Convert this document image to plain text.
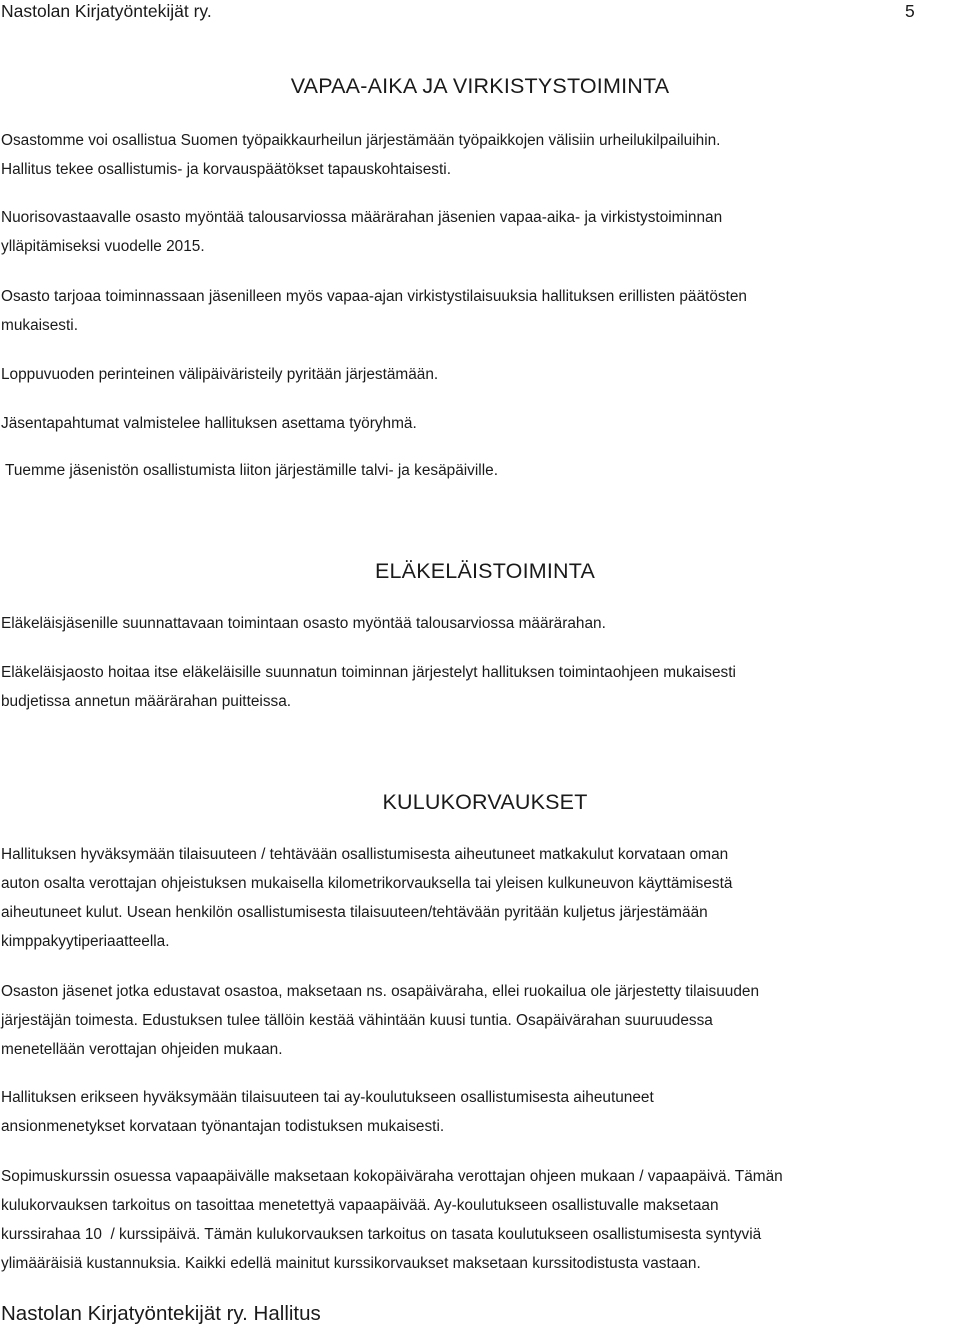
Nastolan Kirjatyöntekijät ry.	5
VAPAA-AIKA JA VIRKISTYSTOIMINTA
Osastomme voi osallistua Suomen työpaikkaurheilun järjestämään työpaikkojen välisiin urheilukilpailuihin.
Hallitus tekee osallistumis- ja korvauspäätökset tapauskohtaisesti.
Nuorisovastaavalle osasto myöntää talousarviossa määrärahan jäsenien vapaa-aika- ja virkistystoiminnan
ylläpitämiseksi vuodelle 2015.
Osasto tarjoaa toiminnassaan jäsenilleen myös vapaa-ajan virkistystilaisuuksia hallituksen erillisten päätösten
mukaisesti.
Loppuvuoden perinteinen välipäiväristeily pyritään järjestämään.
Jäsentapahtumat valmistelee hallituksen asettama työryhmä.
Tuemme jäsenistön osallistumista liiton järjestämille talvi- ja kesäpäiville.
ELÄKELÄISTOIMINTA
Eläkeläisjäsenille suunnattavaan toimintaan osasto myöntää talousarviossa määrärahan.
Eläkeläisjaosto hoitaa itse eläkeläisille suunnatun toiminnan järjestelyt hallituksen toimintaohjeen mukaisesti
budjetissa annetun määrärahan puitteissa.
KULUKORVAUKSET
Hallituksen hyväksymään tilaisuuteen / tehtävään osallistumisesta aiheutuneet matkakulut korvataan oman
auton osalta verottajan ohjeistuksen mukaisella kilometrikorvauksella tai yleisen kulkuneuvon käyttämisestä
aiheutuneet kulut. Usean henkilön osallistumisesta tilaisuuteen/tehtävään pyritään kuljetus järjestämään
kimppakyytiperiaatteella.
Osaston jäsenet jotka edustavat osastoa, maksetaan ns. osapäiväraha, ellei ruokailua ole järjestetty tilaisuuden
järjestäjän toimesta. Edustuksen tulee tällöin kestää vähintään kuusi tuntia. Osapäivärahan suuruudessa
menetellään verottajan ohjeiden mukaan.
Hallituksen erikseen hyväksymään tilaisuuteen tai ay-koulutukseen osallistumisesta aiheutuneet
ansionmenetykset korvataan työnantajan todistuksen mukaisesti.
Sopimuskurssin osuessa vapaapäivälle maksetaan kokopäiväraha verottajan ohjeen mukaan / vapaapäivä. Tämän
kulukorvauksen tarkoitus on tasoittaa menetettyä vapaapäivää. Ay-koulutukseen osallistuvalle maksetaan
kurssirahaa 10  / kurssipäivä. Tämän kulukorvauksen tarkoitus on tasata koulutukseen osallistumisesta syntyviä
ylimääräisiä kustannuksia. Kaikki edellä mainitut kurssikorvaukset maksetaan kurssitodistusta vastaan.
Nastolan Kirjatyöntekijät ry. Hallitus
